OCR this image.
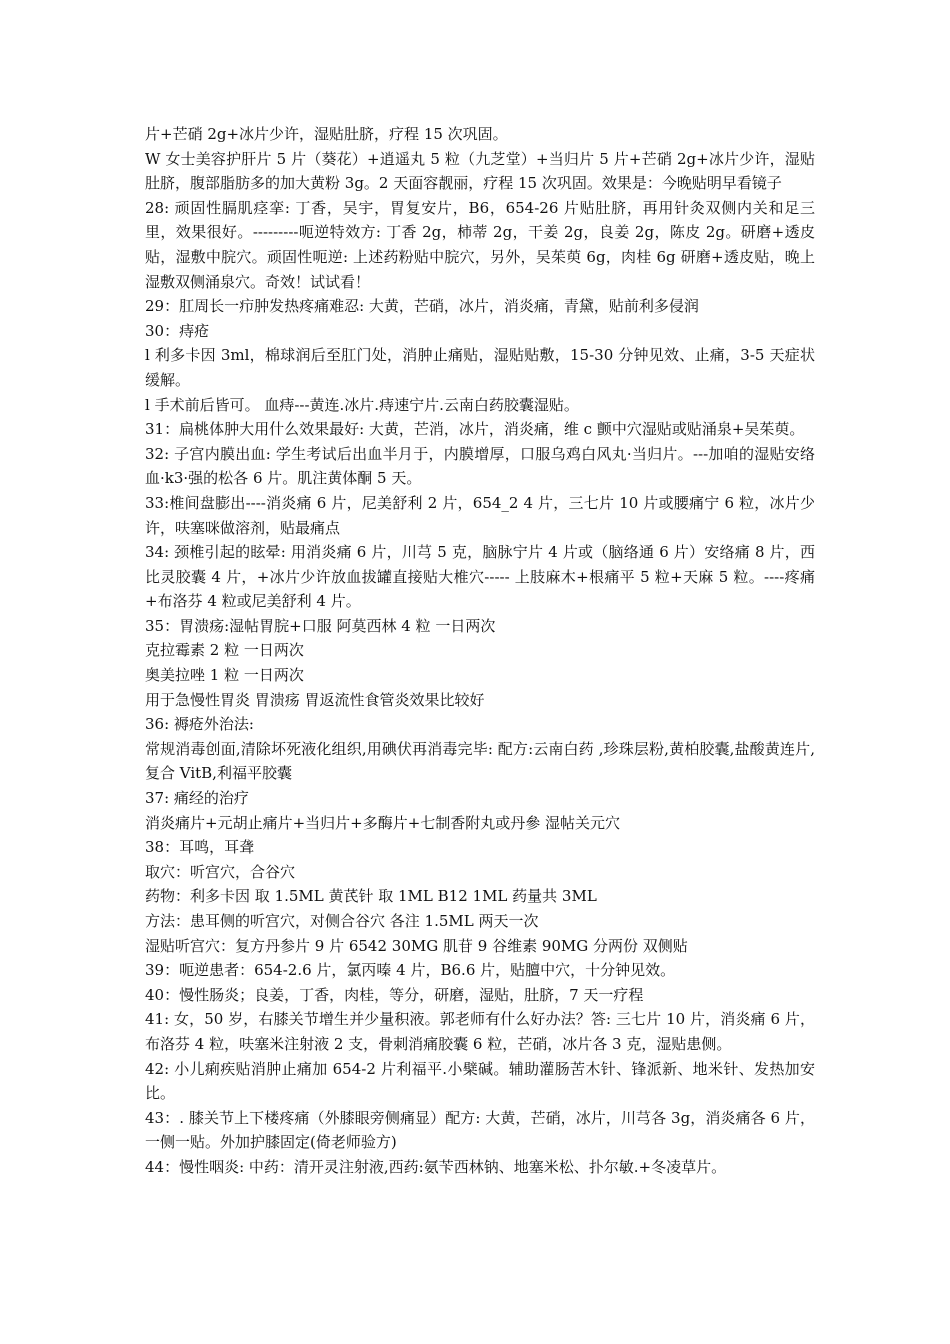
片+芒硝 2g+冰片少许，湿贴肚脐，疗程 15 次巩固。

W 女士美容护肝片 5 片（葵花）+逍遥丸 5 粒（九芝堂）+当归片 5 片+芒硝 2g+冰片少许，湿贴肚脐，腹部脂肪多的加大黄粉 3g。2 天面容靓丽，疗程 15 次巩固。效果是：今晚贴明早看镜子

28: 顽固性膈肌痉挛: 丁香，吴宇，胃复安片，B6，654-26 片贴肚脐，再用针灸双侧内关和足三里，效果很好。---------呃逆特效方: 丁香 2g，柿蒂 2g，干姜 2g，良姜 2g，陈皮 2g。研磨+透皮贴，湿敷中脘穴。顽固性呃逆: 上述药粉贴中脘穴，另外，吴茱萸 6g，肉桂 6g 研磨+透皮贴，晚上湿敷双侧涌泉穴。奇效！试试看！

29：肛周长一疖肿发热疼痛难忍: 大黄，芒硝，冰片，消炎痛，青黛，贴前利多侵润

30：痔疮

l 利多卡因 3ml，棉球润后至肛门处，消肿止痛贴，湿贴贴敷，15-30 分钟见效、止痛，3-5 天症状缓解。

l 手术前后皆可。 血痔---黄连.冰片.痔速宁片.云南白药胶囊湿贴。

31：扁桃体肿大用什么效果最好: 大黄，芒消，冰片，消炎痛，维 c 颤中穴湿贴或贴涌泉+吴茱萸。

32: 子宫内膜出血: 学生考试后出血半月于，内膜增厚，口服乌鸡白风丸·当归片。---加咱的湿贴安络血·k3·强的松各 6 片。肌注黄体酮 5 天。

33:椎间盘膨出----消炎痛 6 片，尼美舒利 2 片，654_2 4 片，三七片 10 片或腰痛宁 6 粒，冰片少许，呋塞咪做溶剂，贴最痛点

34: 颈椎引起的眩晕: 用消炎痛 6 片，川芎 5 克，脑脉宁片 4 片或（脑络通 6 片）安络痛 8 片，西比灵胶囊 4 片，+冰片少许放血拔罐直接贴大椎穴----- 上肢麻木+根痛平 5 粒+天麻 5 粒。----疼痛+布洛芬 4 粒或尼美舒利 4 片。

35：胃溃疡:湿帖胃脘+口服 阿莫西林 4 粒 一日两次

克拉霉素 2 粒 一日两次

奥美拉唑 1 粒 一日两次

用于急慢性胃炎 胃溃疡 胃返流性食管炎效果比较好

36: 褥疮外治法:

常规消毒创面,清除坏死液化组织,用碘伏再消毒完毕: 配方:云南白药 ,珍珠层粉,黄柏胶囊,盐酸黄连片,复合 VitB,利福平胶囊

37: 痛经的治疗

消炎痛片+元胡止痛片+当归片+多酶片+七制香附丸或丹參 湿帖关元穴

38：耳鸣，耳聋

取穴：听宫穴，合谷穴

药物：利多卡因 取 1.5ML 黄芪针 取 1ML B12 1ML 药量共 3ML

方法：患耳侧的听宫穴，对侧合谷穴 各注 1.5ML 两天一次

湿贴听宫穴：复方丹参片 9 片 6542 30MG 肌苷 9 谷维素 90MG 分两份 双侧贴

39：呃逆患者：654-2.6 片，氯丙嗪 4 片，B6.6 片，贴膻中穴，十分钟见效。

40：慢性肠炎；良姜，丁香，肉桂，等分，研磨，湿贴，肚脐，7 天一疗程

41: 女，50 岁，右膝关节增生并少量积液。郭老师有什么好办法？答: 三七片 10 片，消炎痛 6 片，布洛芬 4 粒，呋塞米注射液 2 支，骨刺消痛胶囊 6 粒，芒硝，冰片各 3 克，湿贴患侧。

42: 小儿痢疾贴消肿止痛加 654-2 片利福平.小檗碱。辅助灌肠苦木针、锋派新、地米针、发热加安比。

43：. 膝关节上下楼疼痛（外膝眼旁侧痛显）配方: 大黄，芒硝，冰片，川芎各 3g，消炎痛各 6 片，一侧一贴。外加护膝固定(倚老师验方)

44：慢性咽炎: 中药：清开灵注射液,西药:氨苄西林钠、地塞米松、扑尔敏.+冬凌草片。
